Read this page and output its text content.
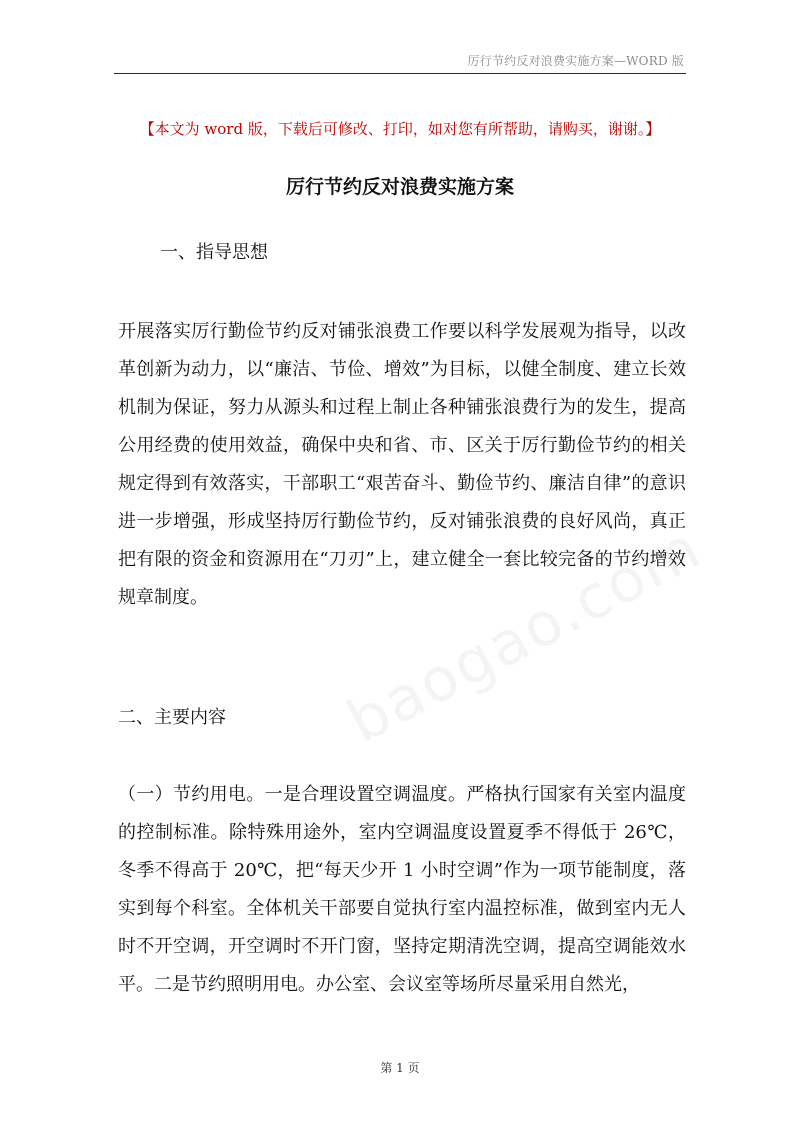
厉行节约反对浪费实施方案—WORD 版
【本文为 word 版，下载后可修改、打印，如对您有所帮助，请购买，谢谢。】
厉行节约反对浪费实施方案
一、指导思想
开展落实厉行勤俭节约反对铺张浪费工作要以科学发展观为指导，以改革创新为动力，以“廉洁、节俭、增效”为目标，以健全制度、建立长效机制为保证，努力从源头和过程上制止各种铺张浪费行为的发生，提高公用经费的使用效益，确保中央和省、市、区关于厉行勤俭节约的相关规定得到有效落实，干部职工“艰苦奋斗、勤俭节约、廉洁自律”的意识进一步增强，形成坚持厉行勤俭节约，反对铺张浪费的良好风尚，真正把有限的资金和资源用在“刀刃”上，建立健全一套比较完备的节约增效规章制度。
二、主要内容
（一）节约用电。一是合理设置空调温度。严格执行国家有关室内温度的控制标准。除特殊用途外，室内空调温度设置夏季不得低于 26℃，冬季不得高于 20℃，把“每天少开 1 小时空调”作为一项节能制度，落实到每个科室。全体机关干部要自觉执行室内温控标准，做到室内无人时不开空调，开空调时不开门窗，坚持定期清洗空调，提高空调能效水平。二是节约照明用电。办公室、会议室等场所尽量采用自然光，
第 1 页
